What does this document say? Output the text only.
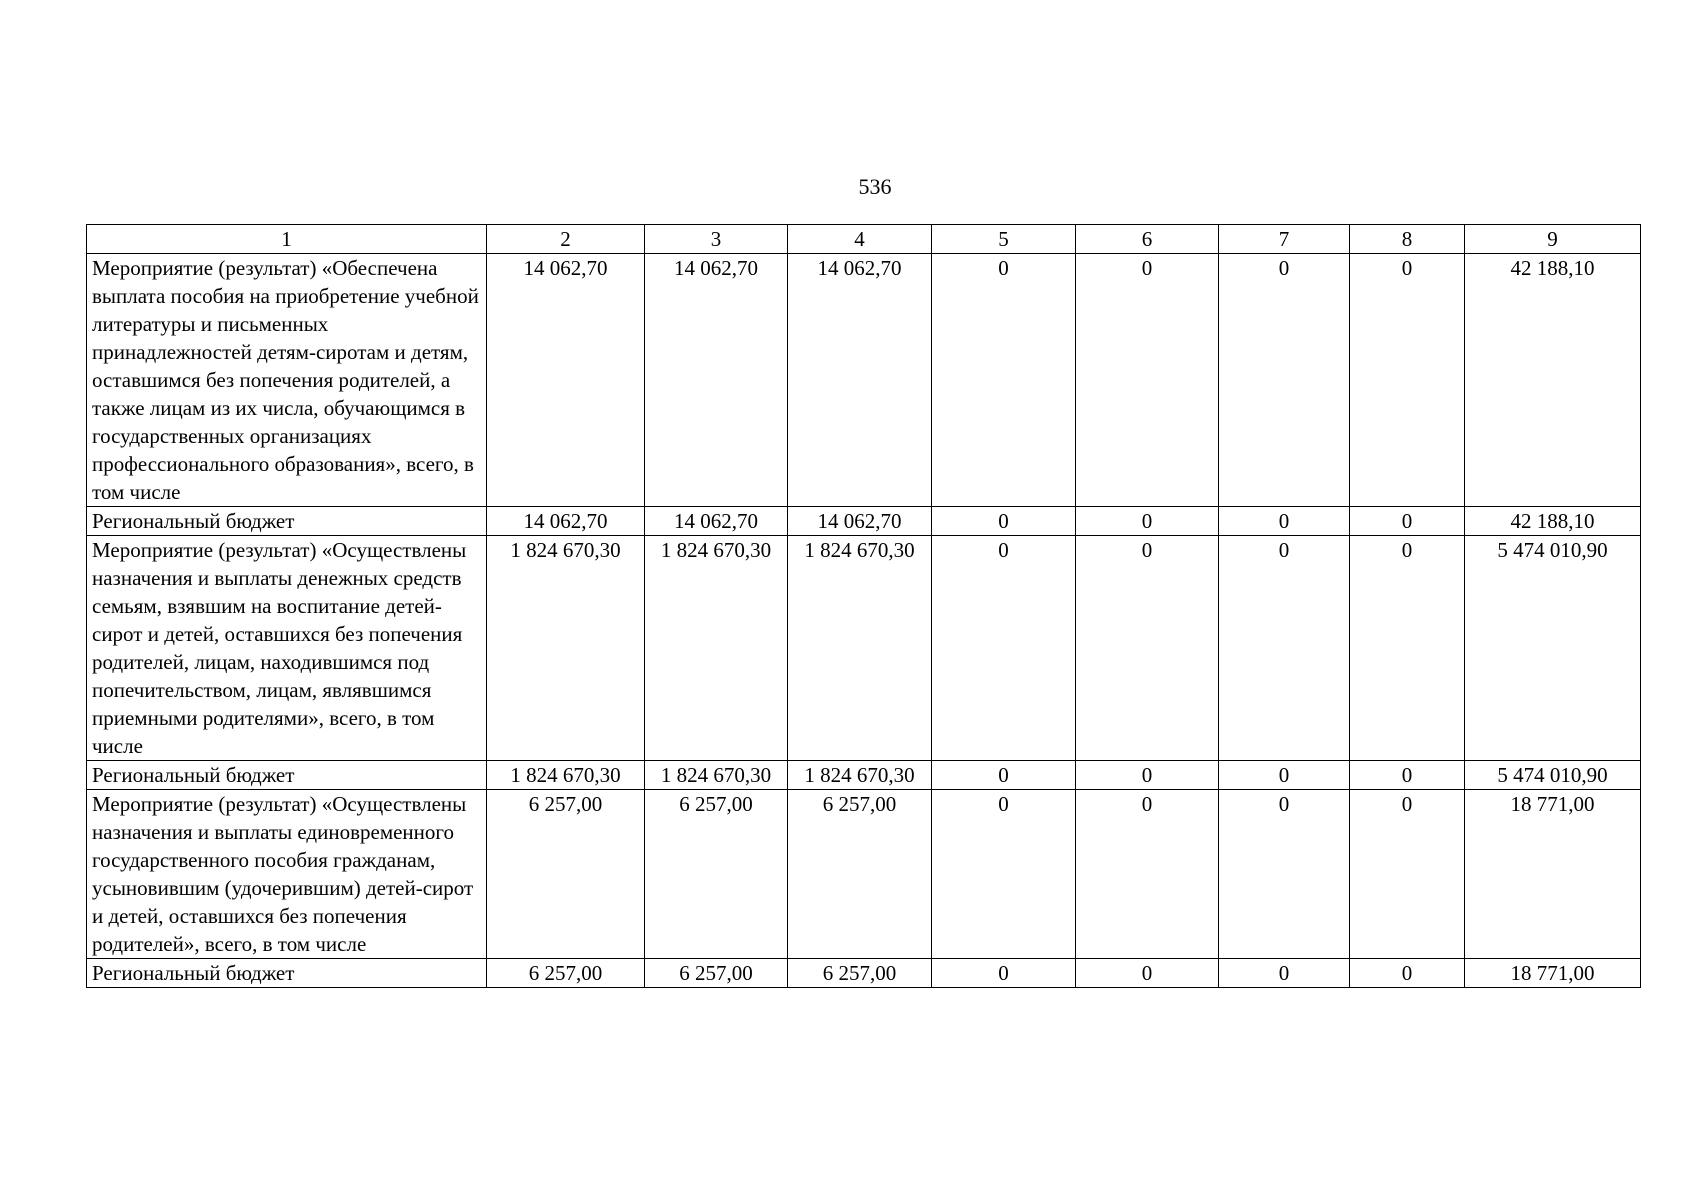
536
1	2	3	4	5	6	7	8	9
Мероприятие (результат) «Обеспечена выплата пособия на приобретение учебной литературы и письменных принадлежностей детям-сиротам и детям, оставшимся без попечения родителей, а также лицам из их числа, обучающимся в государственных организациях профессионального образования», всего, в том числе	14 062,70	14 062,70	14 062,70	0	0	0	0	42 188,10
Региональный бюджет	14 062,70	14 062,70	14 062,70	0	0	0	0	42 188,10
Мероприятие (результат) «Осуществлены назначения и выплаты денежных средств семьям, взявшим на воспитание детей-сирот и детей, оставшихся без попечения родителей, лицам, находившимся под попечительством, лицам, являвшимся приемными родителями», всего, в том числе	1 824 670,30	1 824 670,30	1 824 670,30	0	0	0	0	5 474 010,90
Региональный бюджет	1 824 670,30	1 824 670,30	1 824 670,30	0	0	0	0	5 474 010,90
Мероприятие (результат) «Осуществлены назначения и выплаты единовременного государственного пособия гражданам, усыновившим (удочерившим) детей-сирот и детей, оставшихся без попечения родителей», всего, в том числе	6 257,00	6 257,00	6 257,00	0	0	0	0	18 771,00
Региональный бюджет	6 257,00	6 257,00	6 257,00	0	0	0	0	18 771,00
